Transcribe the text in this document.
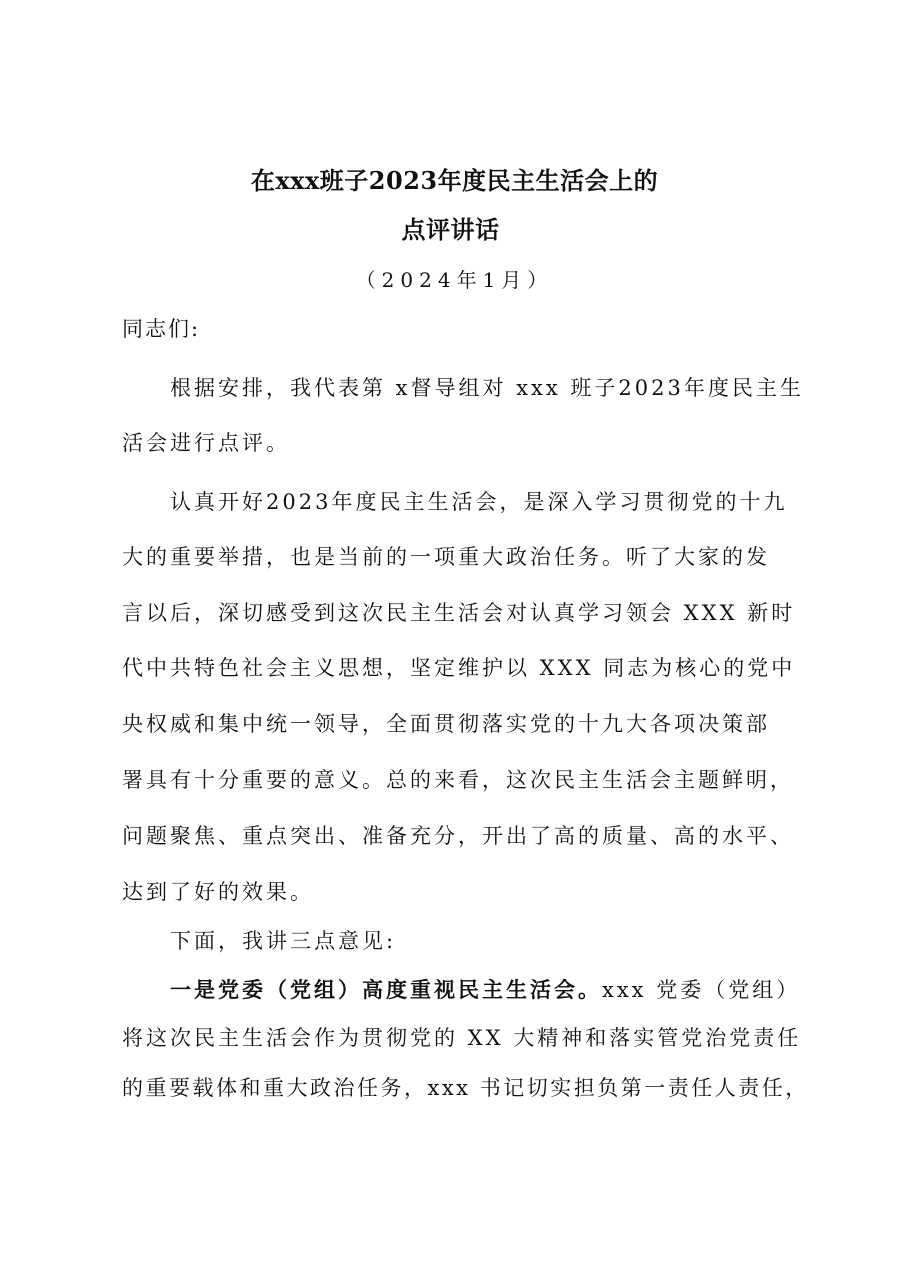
在xxx班子2023年度民主生活会上的
点评讲话
（2024年1月）
同志们:
根据安排，我代表第 x督导组对 xxx 班子2023年度民主生
活会进行点评。
认真开好2023年度民主生活会，是深入学习贯彻党的十九
大的重要举措，也是当前的一项重大政治任务。听了大家的发
言以后，深切感受到这次民主生活会对认真学习领会 XXX 新时
代中共特色社会主义思想，坚定维护以 XXX 同志为核心的党中
央权威和集中统一领导，全面贯彻落实党的十九大各项决策部
署具有十分重要的意义。总的来看，这次民主生活会主题鲜明，
问题聚焦、重点突出、准备充分，开出了高的质量、高的水平、
达到了好的效果。
下面，我讲三点意见:
一是党委（党组）高度重视民主生活会。xxx 党委（党组）
将这次民主生活会作为贯彻党的 XX 大精神和落实管党治党责任
的重要载体和重大政治任务，xxx 书记切实担负第一责任人责任，
